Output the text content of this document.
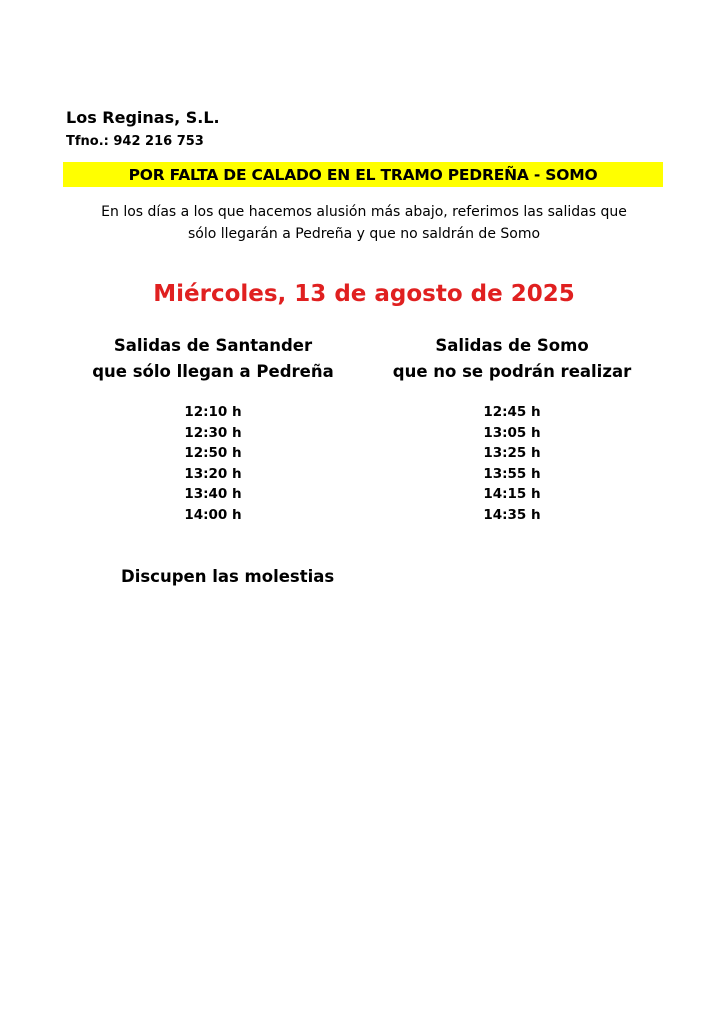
Los Reginas, S.L.
Tfno.: 942 216 753
POR FALTA DE CALADO EN EL TRAMO PEDREÑA - SOMO
En los días a los que hacemos alusión más abajo, referimos las salidas que
sólo llegarán a Pedreña y que no saldrán de Somo
Miércoles, 13 de agosto de 2025
Salidas de Santander
que sólo llegan a Pedreña
12:10 h
12:30 h
12:50 h
13:20 h
13:40 h
14:00 h
Salidas de Somo
que no se podrán realizar
12:45 h
13:05 h
13:25 h
13:55 h
14:15 h
14:35 h
Discupen las molestias
